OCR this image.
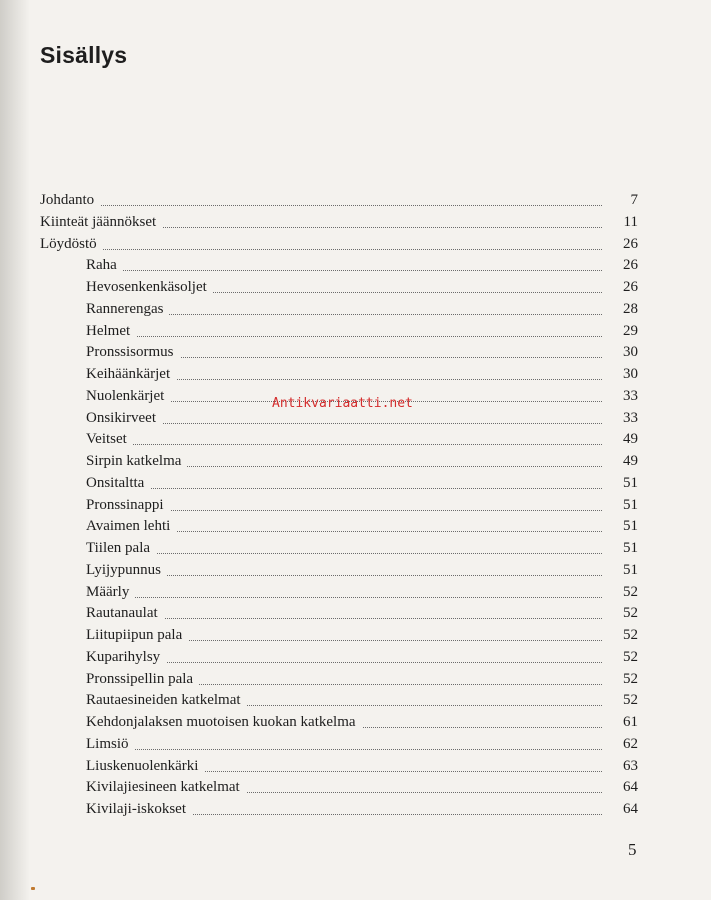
Sisällys
Johdanto	7
Kiinteät jäännökset	11
Löydöstö	26
Raha	26
Hevosenkenkäsoljet	26
Rannerengas	28
Helmet	29
Pronssisormus	30
Keihäänkärjet	30
Nuolenkärjet	33
Onsikirveet	33
Veitset	49
Sirpin katkelma	49
Onsitaltta	51
Pronssinappi	51
Avaimen lehti	51
Tiilen pala	51
Lyijypunnus	51
Määrly	52
Rautanaulat	52
Liitupiipun pala	52
Kuparihylsy	52
Pronssipellin pala	52
Rautaesineiden katkelmat	52
Kehdonjalaksen muotoisen kuokan katkelma	61
Limsiö	62
Liuskenuolenkärki	63
Kivilajiesineen katkelmat	64
Kivilaji-iskokset	64
Antikvariaatti.net
5
